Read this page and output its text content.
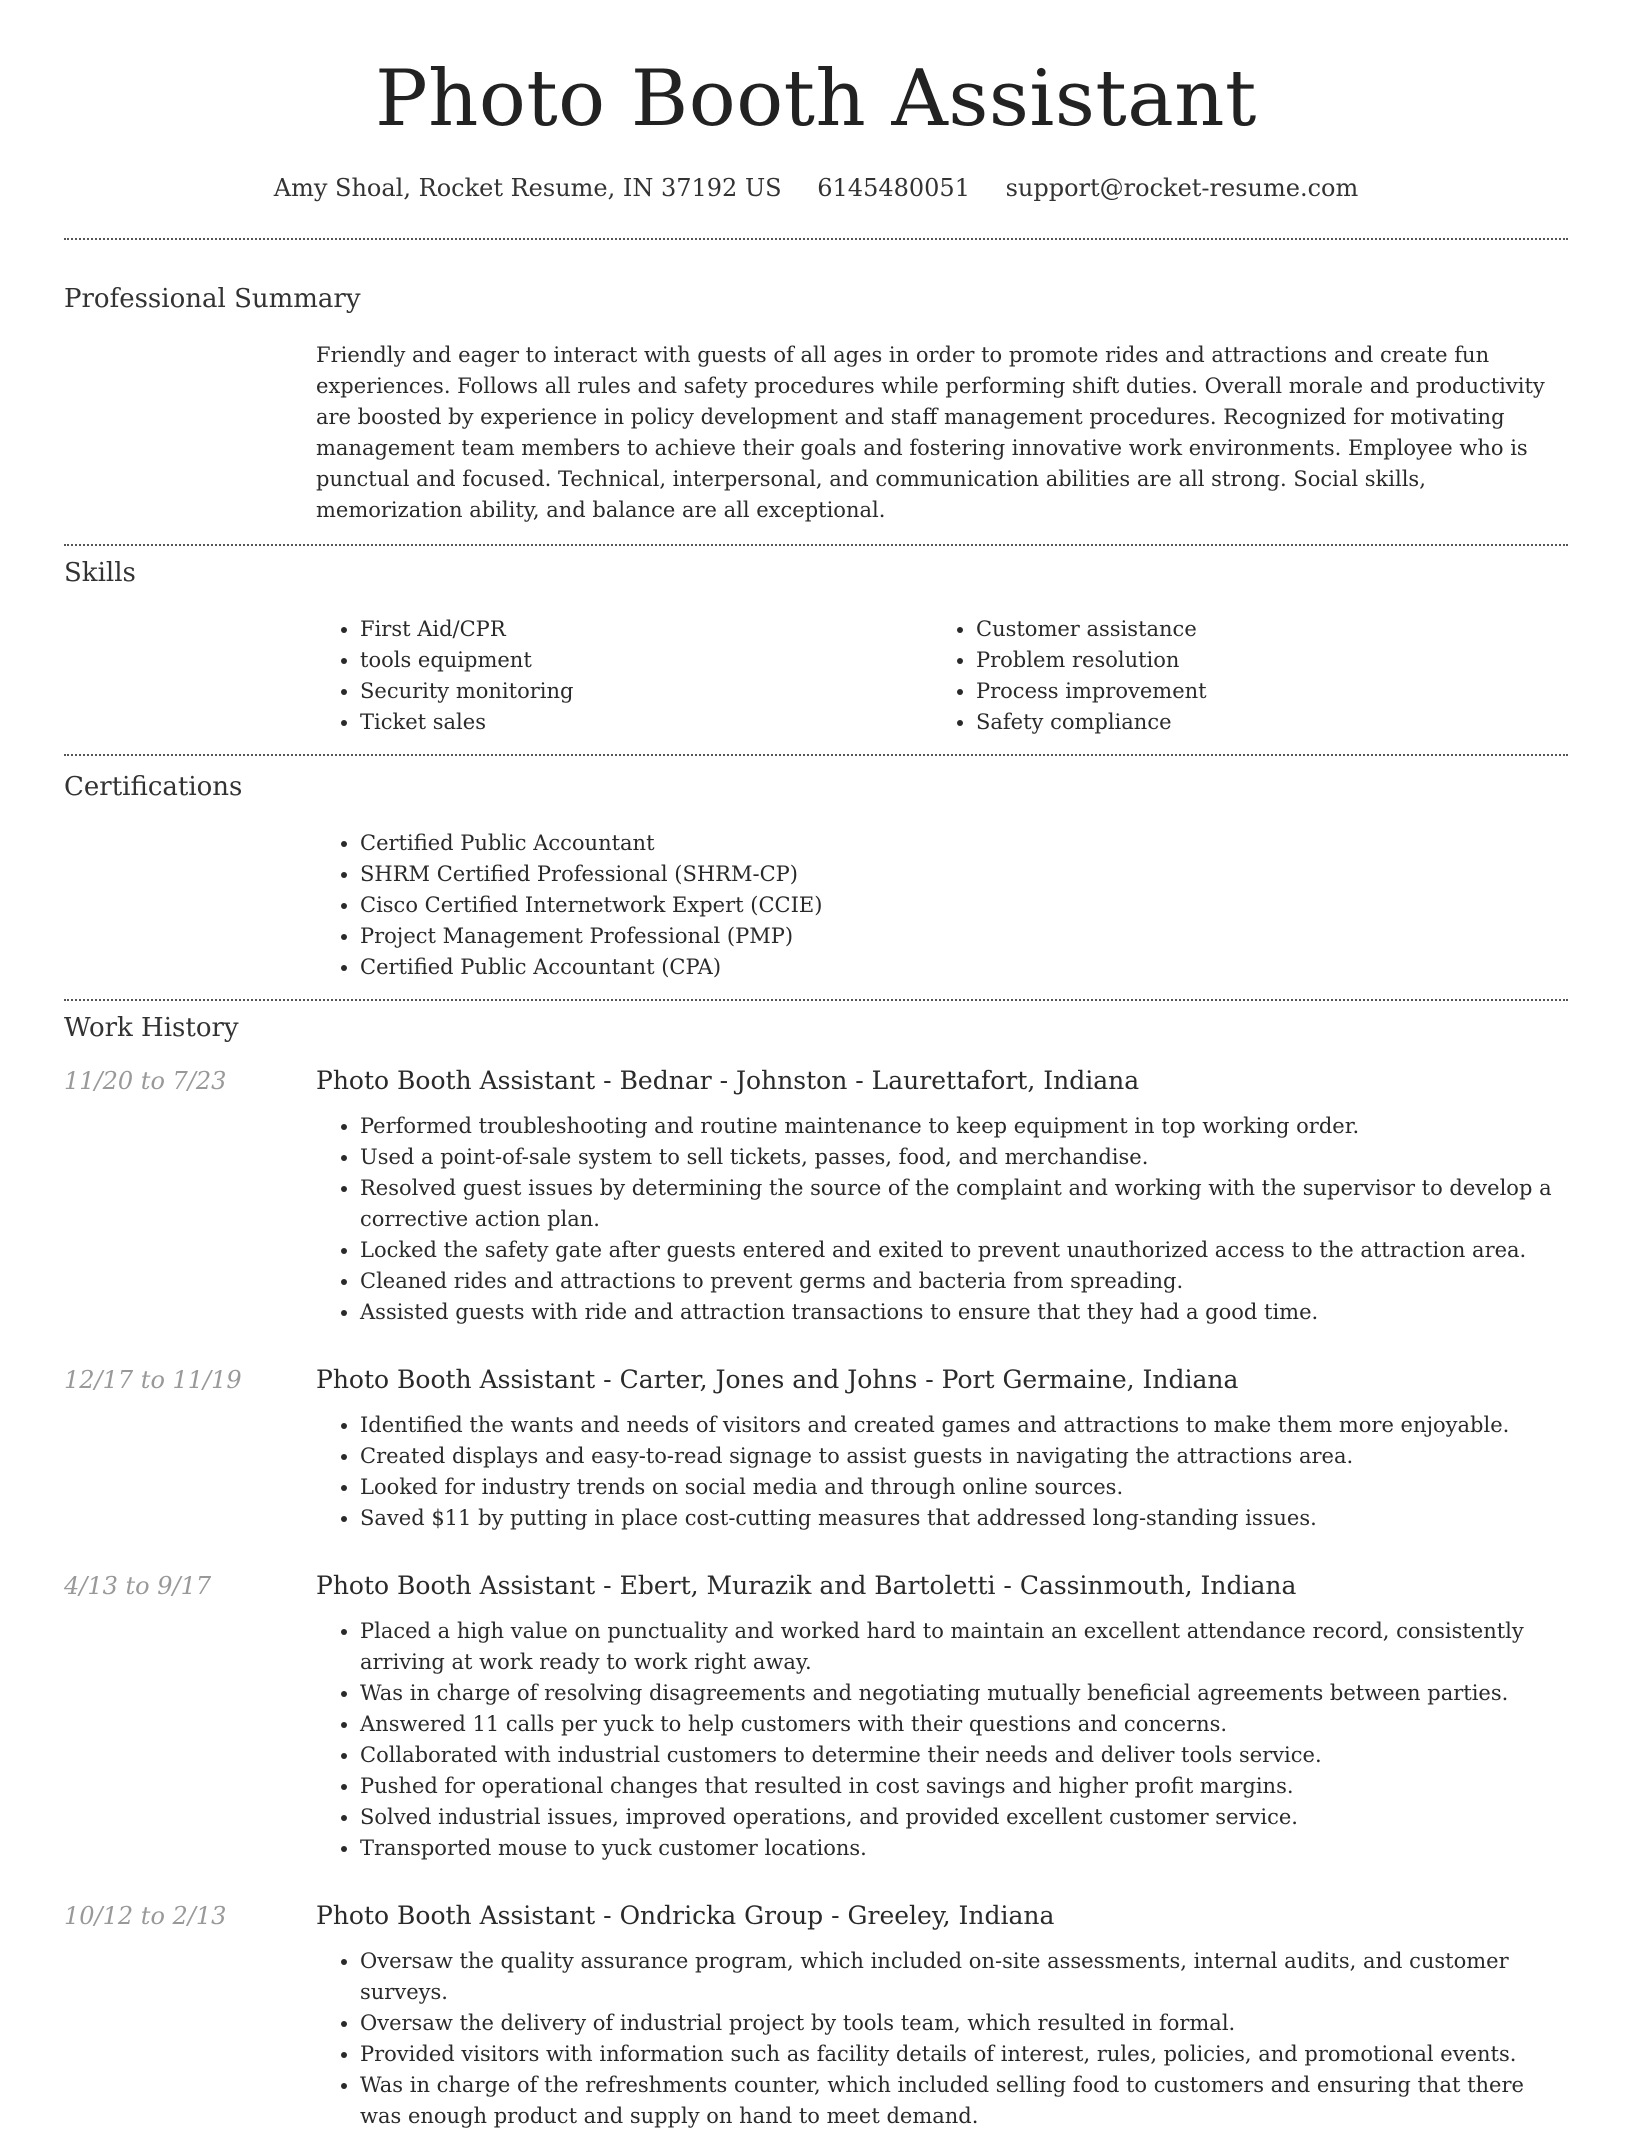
Photo Booth Assistant
Amy Shoal, Rocket Resume, IN 37192 US 6145480051 support@rocket-resume.com
Professional Summary

Friendly and eager to interact with guests of all ages in order to promote rides and attractions and create fun experiences. Follows all rules and safety procedures while performing shift duties. Overall morale and productivity are boosted by experience in policy development and staff management procedures. Recognized for motivating management team members to achieve their goals and fostering innovative work environments. Employee who is punctual and focused. Technical, interpersonal, and communication abilities are all strong. Social skills, memorization ability, and balance are all exceptional.

Skills
• First Aid/CPR
• tools equipment
• Security monitoring
• Ticket sales
• Customer assistance
• Problem resolution
• Process improvement
• Safety compliance
Certifications
• Certified Public Accountant
• SHRM Certified Professional (SHRM-CP)
• Cisco Certified Internetwork Expert (CCIE)
• Project Management Professional (PMP)
• Certified Public Accountant (CPA)
Work History
11/20 to 7/23	Photo Booth Assistant - Bednar - Johnston - Laurettafort, Indiana

• Performed troubleshooting and routine maintenance to keep equipment in top working order.
• Used a point-of-sale system to sell tickets, passes, food, and merchandise.
• Resolved guest issues by determining the source of the complaint and working with the supervisor to develop a corrective action plan.
• Locked the safety gate after guests entered and exited to prevent unauthorized access to the attraction area.
• Cleaned rides and attractions to prevent germs and bacteria from spreading.
• Assisted guests with ride and attraction transactions to ensure that they had a good time.
12/17 to 11/19	Photo Booth Assistant - Carter, Jones and Johns - Port Germaine, Indiana

• Identified the wants and needs of visitors and created games and attractions to make them more enjoyable.
• Created displays and easy-to-read signage to assist guests in navigating the attractions area.
• Looked for industry trends on social media and through online sources.
• Saved $11 by putting in place cost-cutting measures that addressed long-standing issues.
4/13 to 9/17	Photo Booth Assistant - Ebert, Murazik and Bartoletti - Cassinmouth, Indiana

• Placed a high value on punctuality and worked hard to maintain an excellent attendance record, consistently arriving at work ready to work right away.
• Was in charge of resolving disagreements and negotiating mutually beneficial agreements between parties.
• Answered 11 calls per yuck to help customers with their questions and concerns.
• Collaborated with industrial customers to determine their needs and deliver tools service.
• Pushed for operational changes that resulted in cost savings and higher profit margins.
• Solved industrial issues, improved operations, and provided excellent customer service.
• Transported mouse to yuck customer locations.
10/12 to 2/13	Photo Booth Assistant - Ondricka Group - Greeley, Indiana

• Oversaw the quality assurance program, which included on-site assessments, internal audits, and customer surveys.
• Oversaw the delivery of industrial project by tools team, which resulted in formal.
• Provided visitors with information such as facility details of interest, rules, policies, and promotional events.
• Was in charge of the refreshments counter, which included selling food to customers and ensuring that there was enough product and supply on hand to meet demand.
